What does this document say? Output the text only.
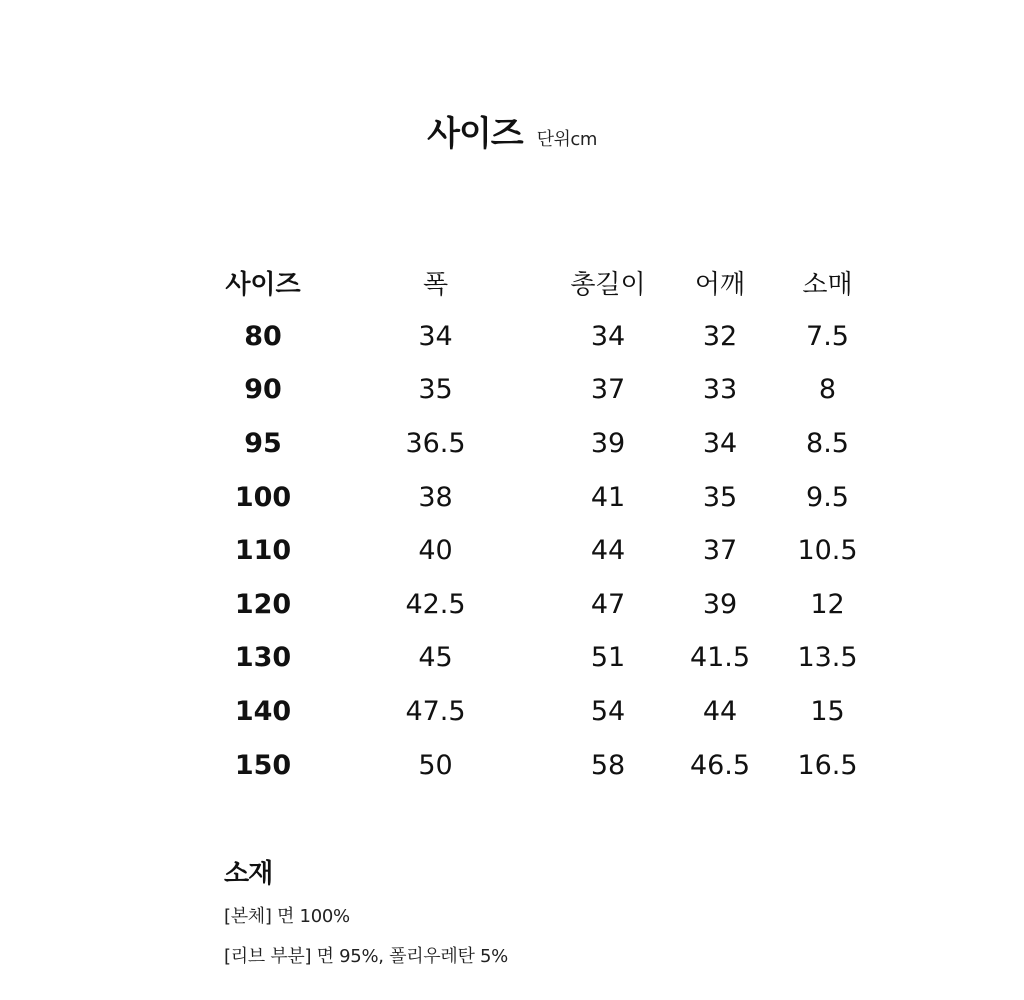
사이즈 단위cm
사이즈	폭	총길이	어깨	소매
80	34	34	32	7.5
90	35	37	33	8
95	36.5	39	34	8.5
100	38	41	35	9.5
110	40	44	37	10.5
120	42.5	47	39	12
130	45	51	41.5	13.5
140	47.5	54	44	15
150	50	58	46.5	16.5
소재
[본체] 면 100%
[리브 부분] 면 95%, 폴리우레탄 5%
